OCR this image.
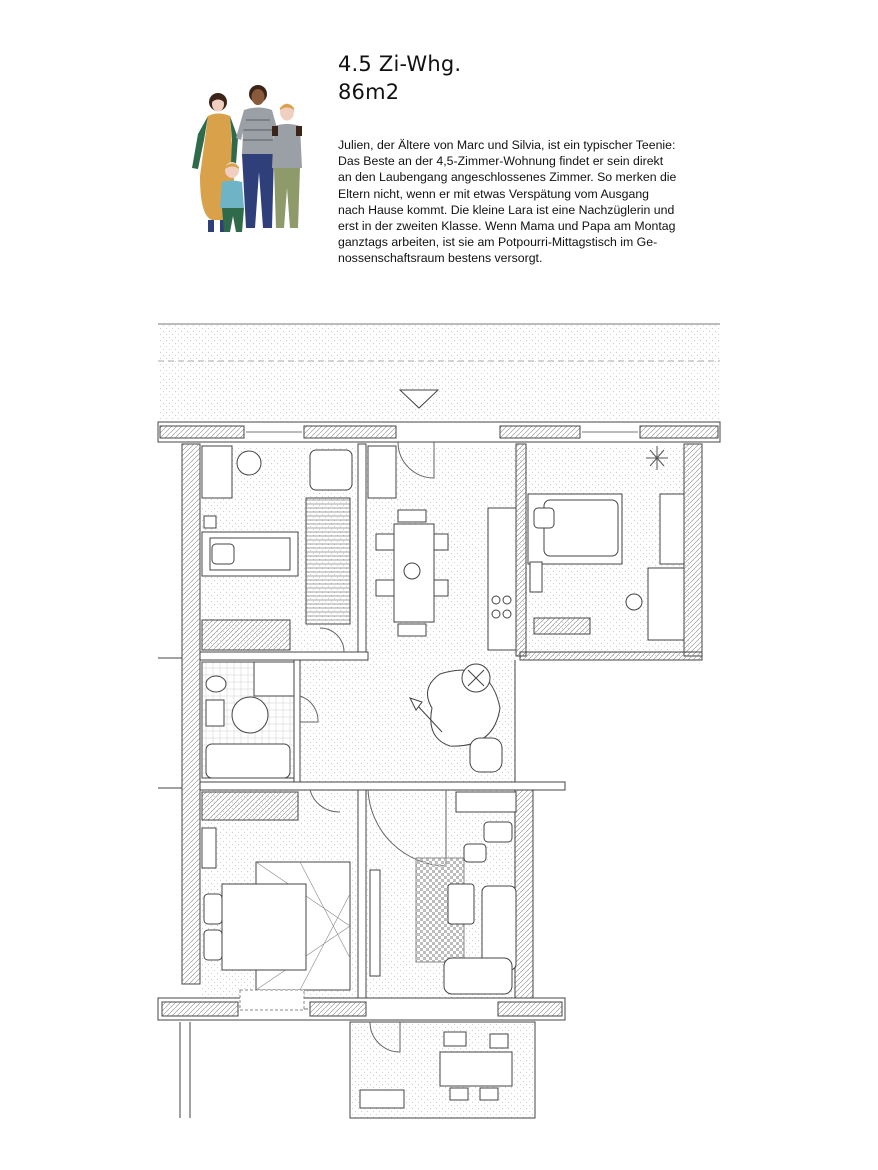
4.5 Zi-Whg.
86m2
Julien, der Ältere von Marc und Silvia, ist ein typischer Teenie:
Das Beste an der 4,5-Zimmer-Wohnung findet er sein direkt
an den Laubengang angeschlossenes Zimmer. So merken die
Eltern nicht, wenn er mit etwas Verspätung vom Ausgang
nach Hause kommt. Die kleine Lara ist eine Nachzüglerin und
erst in der zweiten Klasse. Wenn Mama und Papa am Montag
ganztags arbeiten, ist sie am Potpourri-Mittagstisch im Ge-
nossenschaftsraum bestens versorgt.
